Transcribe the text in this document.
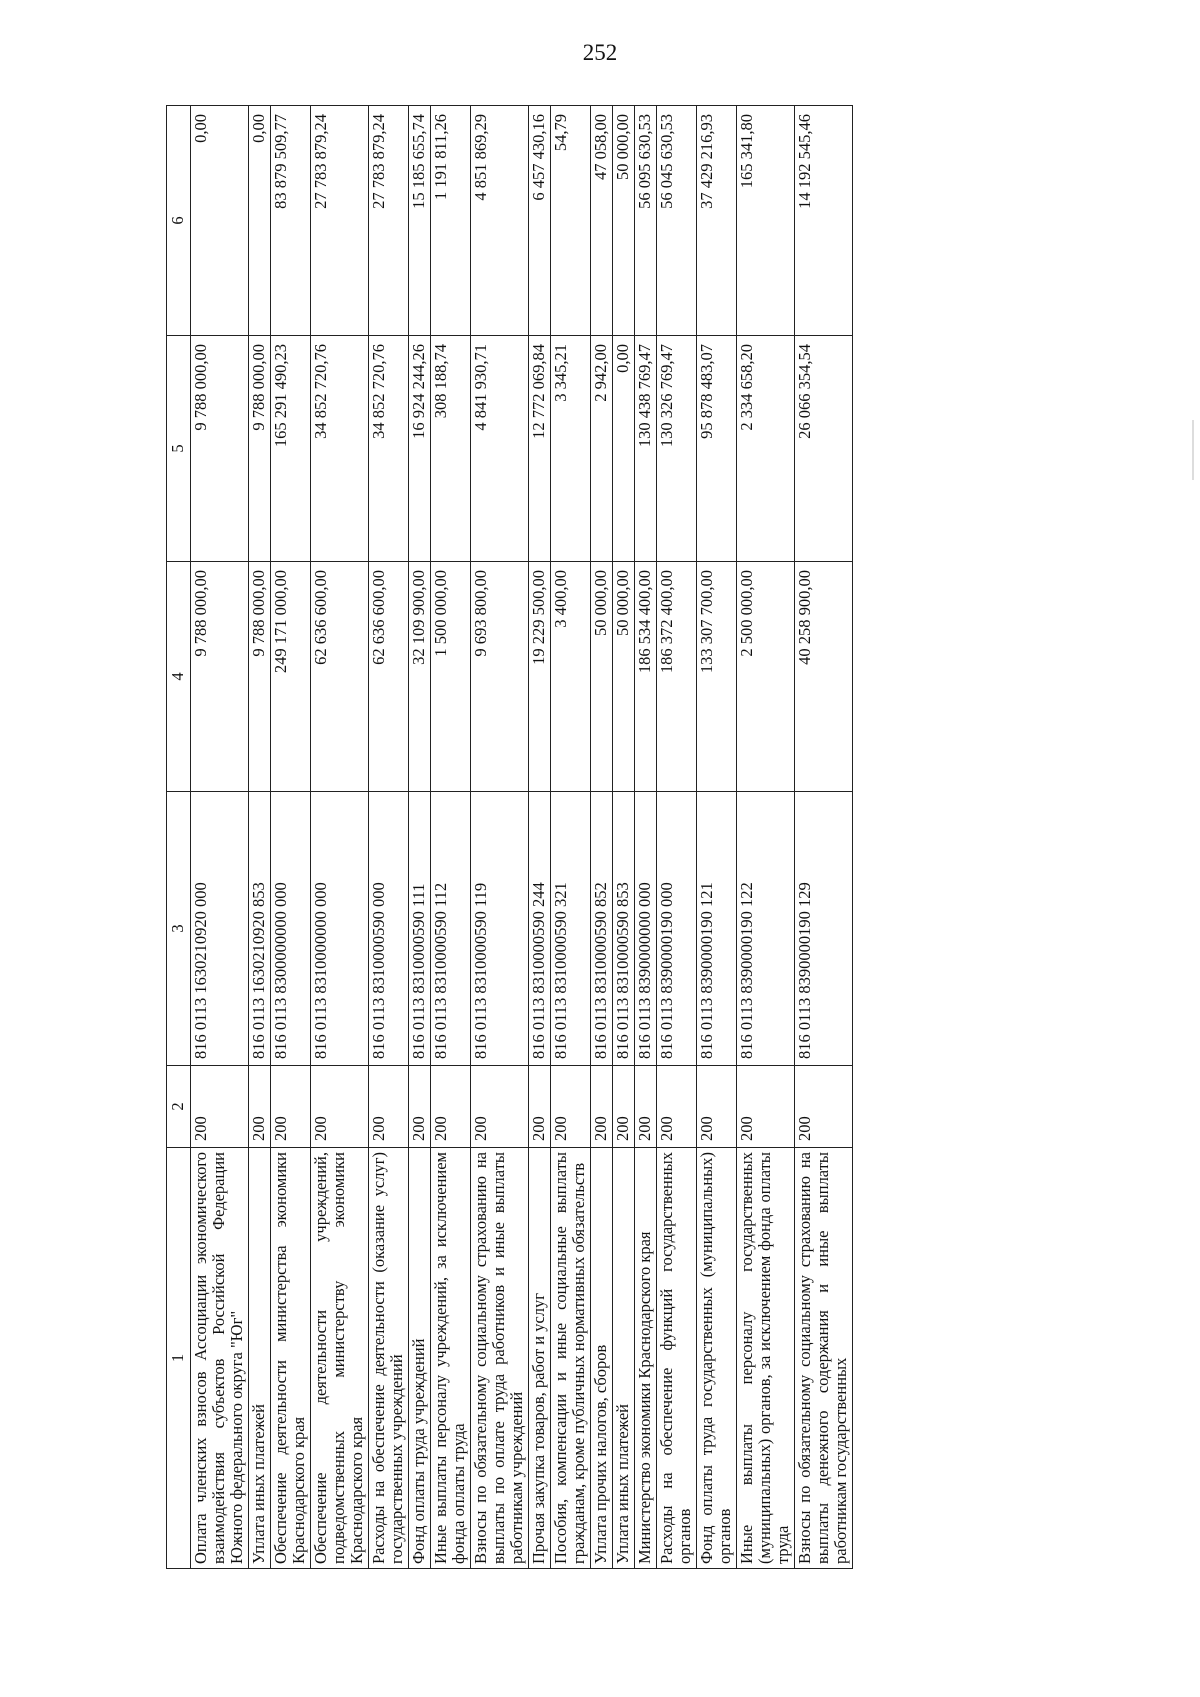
252
1	2	3	4	5	6
Оплата членских взносов Ассоциации экономического взаимодействия субъектов Российской Федерации Южного федерального округа "Юг"	200	816 0113 1630210920 000	9 788 000,00	9 788 000,00	0,00
Уплата иных платежей	200	816 0113 1630210920 853	9 788 000,00	9 788 000,00	0,00
Обеспечение деятельности министерства экономики Краснодарского края	200	816 0113 8300000000 000	249 171 000,00	165 291 490,23	83 879 509,77
Обеспечение деятельности учреждений, подведомственных министерству экономики Краснодарского края	200	816 0113 8310000000 000	62 636 600,00	34 852 720,76	27 783 879,24
Расходы на обеспечение деятельности (оказание услуг) государственных учреждений	200	816 0113 8310000590 000	62 636 600,00	34 852 720,76	27 783 879,24
Фонд оплаты труда учреждений	200	816 0113 8310000590 111	32 109 900,00	16 924 244,26	15 185 655,74
Иные выплаты персоналу учреждений, за исключением фонда оплаты труда	200	816 0113 8310000590 112	1 500 000,00	308 188,74	1 191 811,26
Взносы по обязательному социальному страхованию на выплаты по оплате труда работников и иные выплаты работникам учреждений	200	816 0113 8310000590 119	9 693 800,00	4 841 930,71	4 851 869,29
Прочая закупка товаров, работ и услуг	200	816 0113 8310000590 244	19 229 500,00	12 772 069,84	6 457 430,16
Пособия, компенсации и иные социальные выплаты гражданам, кроме публичных нормативных обязательств	200	816 0113 8310000590 321	3 400,00	3 345,21	54,79
Уплата прочих налогов, сборов	200	816 0113 8310000590 852	50 000,00	2 942,00	47 058,00
Уплата иных платежей	200	816 0113 8310000590 853	50 000,00	0,00	50 000,00
Министерство экономики Краснодарского края	200	816 0113 8390000000 000	186 534 400,00	130 438 769,47	56 095 630,53
Расходы на обеспечение функций государственных органов	200	816 0113 8390000190 000	186 372 400,00	130 326 769,47	56 045 630,53
Фонд оплаты труда государственных (муниципальных) органов	200	816 0113 8390000190 121	133 307 700,00	95 878 483,07	37 429 216,93
Иные выплаты персоналу государственных (муниципальных) органов, за исключением фонда оплаты труда	200	816 0113 8390000190 122	2 500 000,00	2 334 658,20	165 341,80
Взносы по обязательному социальному страхованию на выплаты денежного содержания и иные выплаты работникам государственных	200	816 0113 8390000190 129	40 258 900,00	26 066 354,54	14 192 545,46
